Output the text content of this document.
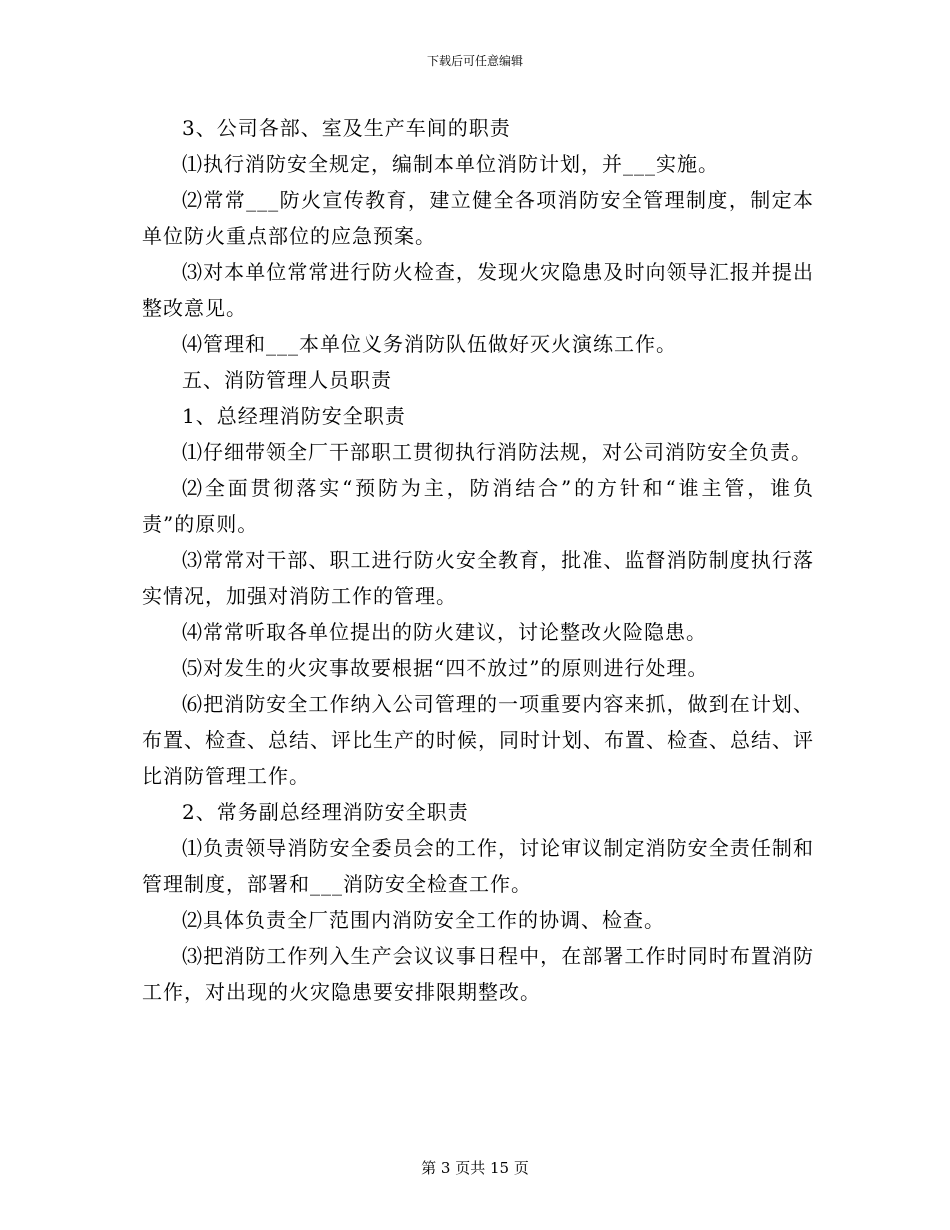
下载后可任意编辑

3、公司各部、室及生产车间的职责

⑴执行消防安全规定，编制本单位消防计划，并___实施。

⑵常常___防火宣传教育，建立健全各项消防安全管理制度，制定本单位防火重点部位的应急预案。

⑶对本单位常常进行防火检查，发现火灾隐患及时向领导汇报并提出整改意见。

⑷管理和___本单位义务消防队伍做好灭火演练工作。

五、消防管理人员职责

1、总经理消防安全职责

⑴仔细带领全厂干部职工贯彻执行消防法规，对公司消防安全负责。

⑵全面贯彻落实“预防为主，防消结合”的方针和“谁主管，谁负责”的原则。

⑶常常对干部、职工进行防火安全教育，批准、监督消防制度执行落实情况，加强对消防工作的管理。

⑷常常听取各单位提出的防火建议，讨论整改火险隐患。

⑸对发生的火灾事故要根据“四不放过”的原则进行处理。

⑹把消防安全工作纳入公司管理的一项重要内容来抓，做到在计划、布置、检查、总结、评比生产的时候，同时计划、布置、检查、总结、评比消防管理工作。

2、常务副总经理消防安全职责

⑴负责领导消防安全委员会的工作，讨论审议制定消防安全责任制和管理制度，部署和___消防安全检查工作。

⑵具体负责全厂范围内消防安全工作的协调、检查。

⑶把消防工作列入生产会议议事日程中，在部署工作时同时布置消防工作，对出现的火灾隐患要安排限期整改。

第 3 页共 15 页
